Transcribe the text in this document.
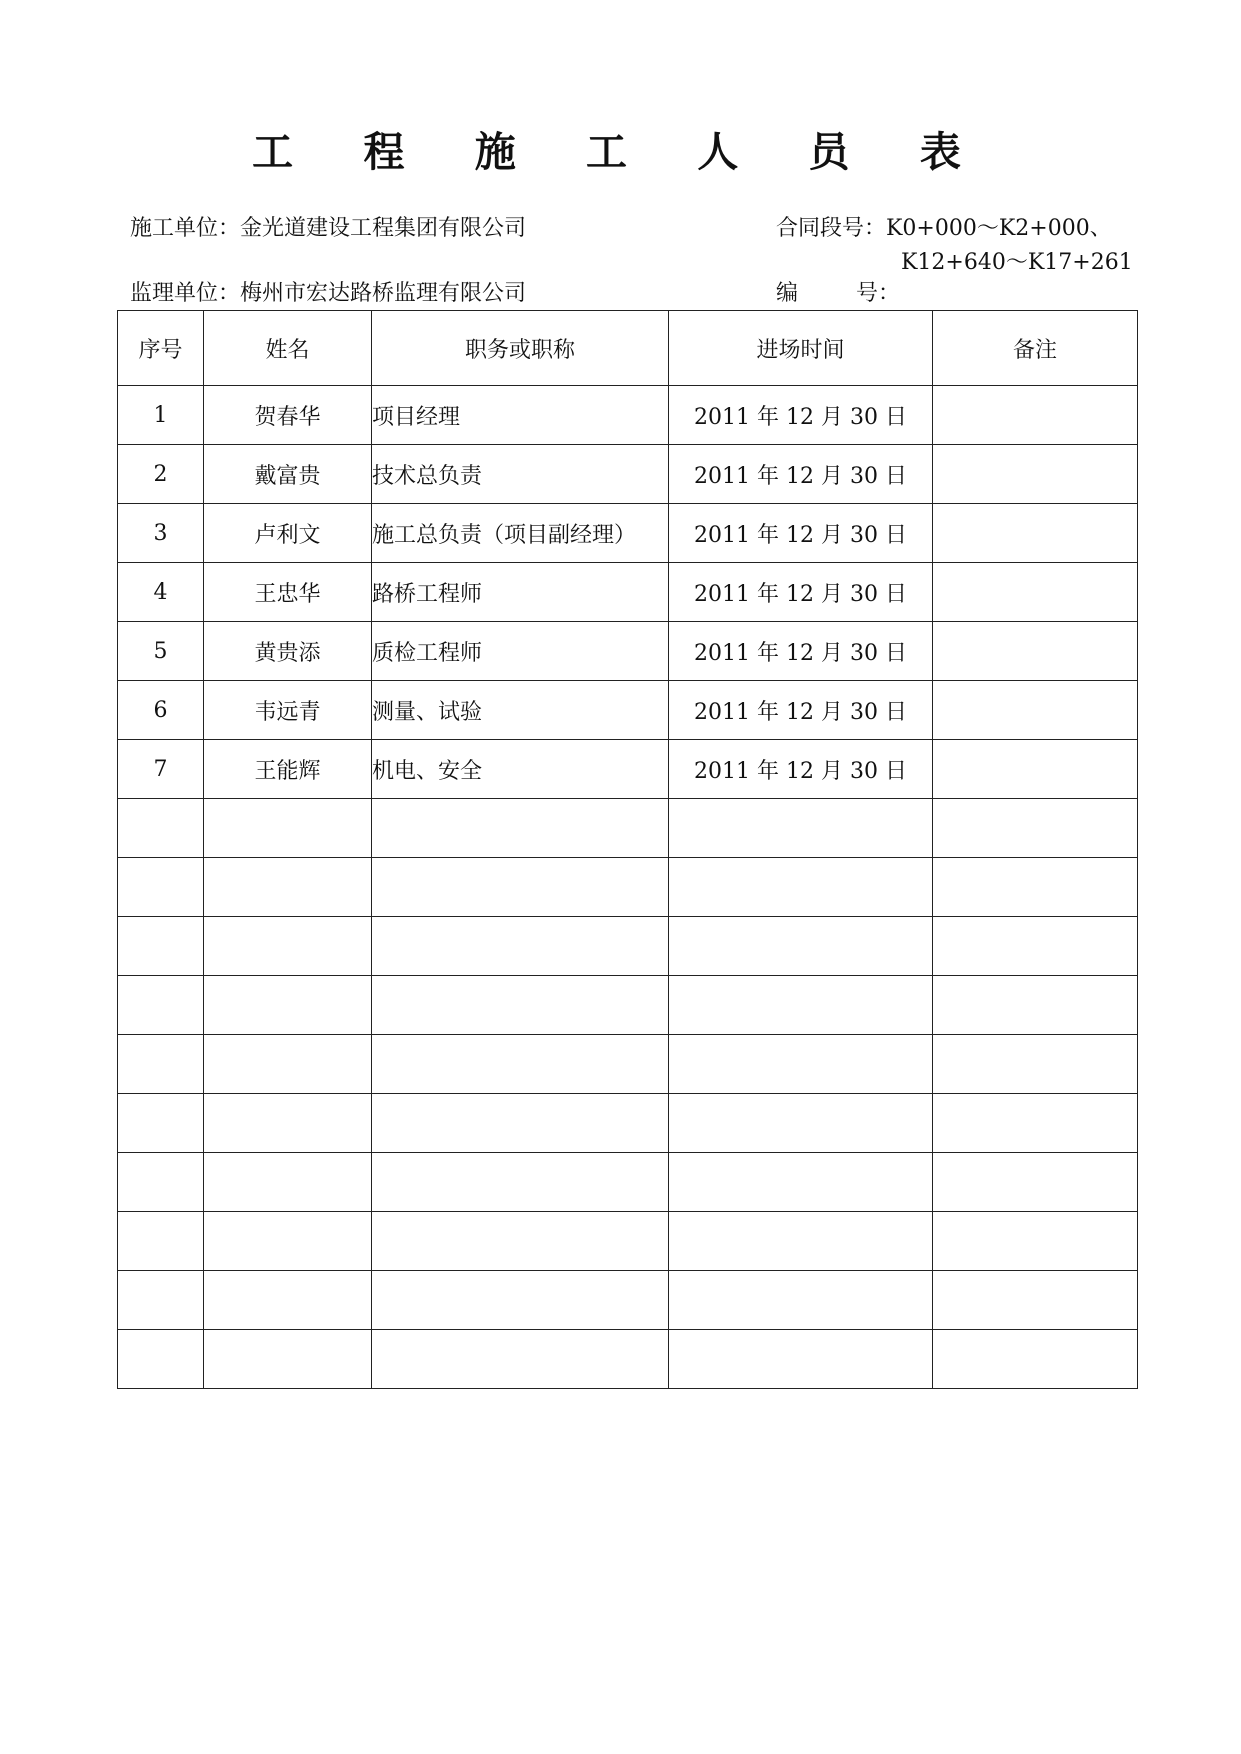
工 程 施 工 人 员 表
施工单位：金光道建设工程集团有限公司	合同段号：K0+000～K2+000、
K12+640～K17+261
监理单位：梅州市宏达路桥监理有限公司	编	号：
序号	姓名	职务或职称	进场时间	备注
1	贺春华	项目经理	2011 年 12 月 30 日	
2	戴富贵	技术总负责	2011 年 12 月 30 日	
3	卢利文	施工总负责（项目副经理）	2011 年 12 月 30 日	
4	王忠华	路桥工程师	2011 年 12 月 30 日	
5	黄贵添	质检工程师	2011 年 12 月 30 日	
6	韦远青	测量、试验	2011 年 12 月 30 日	
7	王能辉	机电、安全	2011 年 12 月 30 日	
